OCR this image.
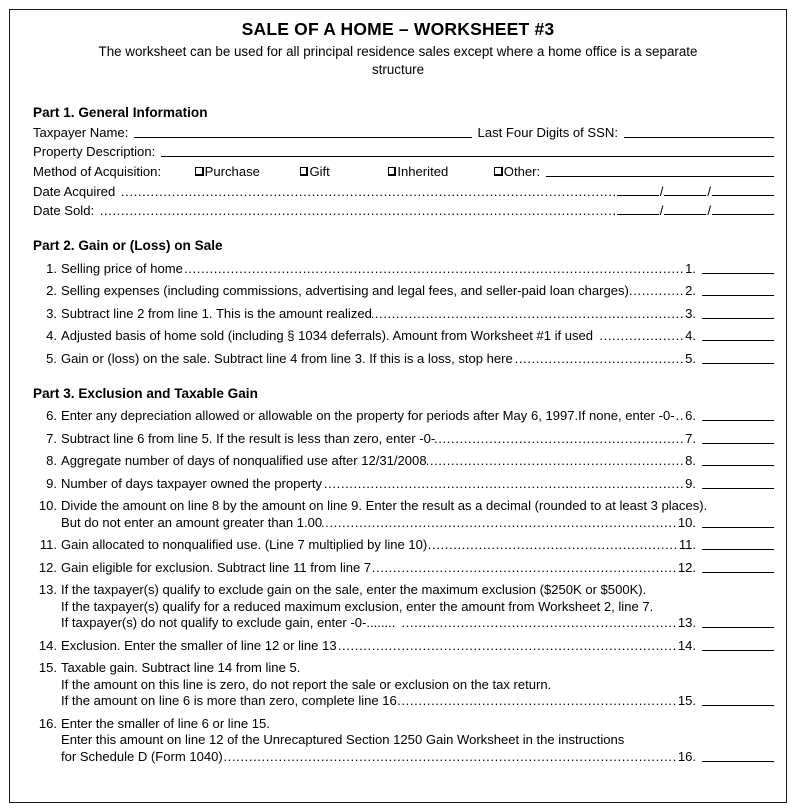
SALE OF A HOME – WORKSHEET #3
The worksheet can be used for all principal residence sales except where a home office is a separate structure
Part 1. General Information
Taxpayer Name:	Last Four Digits of SSN:
Property Description:
Method of Acquisition:	Purchase	Gift	Inherited	Other:
Date Acquired .....	/	/
Date Sold: .....	/	/
Part 2. Gain or (Loss) on Sale
1. Selling price of home .....	1.
2. Selling expenses (including commissions, advertising and legal fees, and seller-paid loan charges) .....	2.
3. Subtract line 2 from line 1. This is the amount realized .....	3.
4. Adjusted basis of home sold (including § 1034 deferrals). Amount from Worksheet #1 if used .....	4.
5. Gain or (loss) on the sale. Subtract line 4 from line 3. If this is a loss, stop here .....	5.
Part 3. Exclusion and Taxable Gain
6. Enter any depreciation allowed or allowable on the property for periods after May 6, 1997.If none, enter -0- ..... 6.
7. Subtract line 6 from line 5. If the result is less than zero, enter -0- .....	7.
8. Aggregate number of days of nonqualified use after 12/31/2008 .....	8.
9. Number of days taxpayer owned the property .....	9.
10. Divide the amount on line 8 by the amount on line 9. Enter the result as a decimal (rounded to at least 3 places).
But do not enter an amount greater than 1.00 .....	10.
11. Gain allocated to nonqualified use. (Line 7 multiplied by line 10) .....	11.
12. Gain eligible for exclusion. Subtract line 11 from line 7 .....	12.
13. If the taxpayer(s) qualify to exclude gain on the sale, enter the maximum exclusion ($250K or $500K).
If the taxpayer(s) qualify for a reduced maximum exclusion, enter the amount from Worksheet 2, line 7.
If taxpayer(s) do not qualify to exclude gain, enter -0-........ .....	13.
14. Exclusion. Enter the smaller of line 12 or line 13 .....	14.
15. Taxable gain. Subtract line 14 from line 5.
If the amount on this line is zero, do not report the sale or exclusion on the tax return.
If the amount on line 6 is more than zero, complete line 16 .....	15.
16. Enter the smaller of line 6 or line 15.
Enter this amount on line 12 of the Unrecaptured Section 1250 Gain Worksheet in the instructions
for Schedule D (Form 1040) .....	16.
